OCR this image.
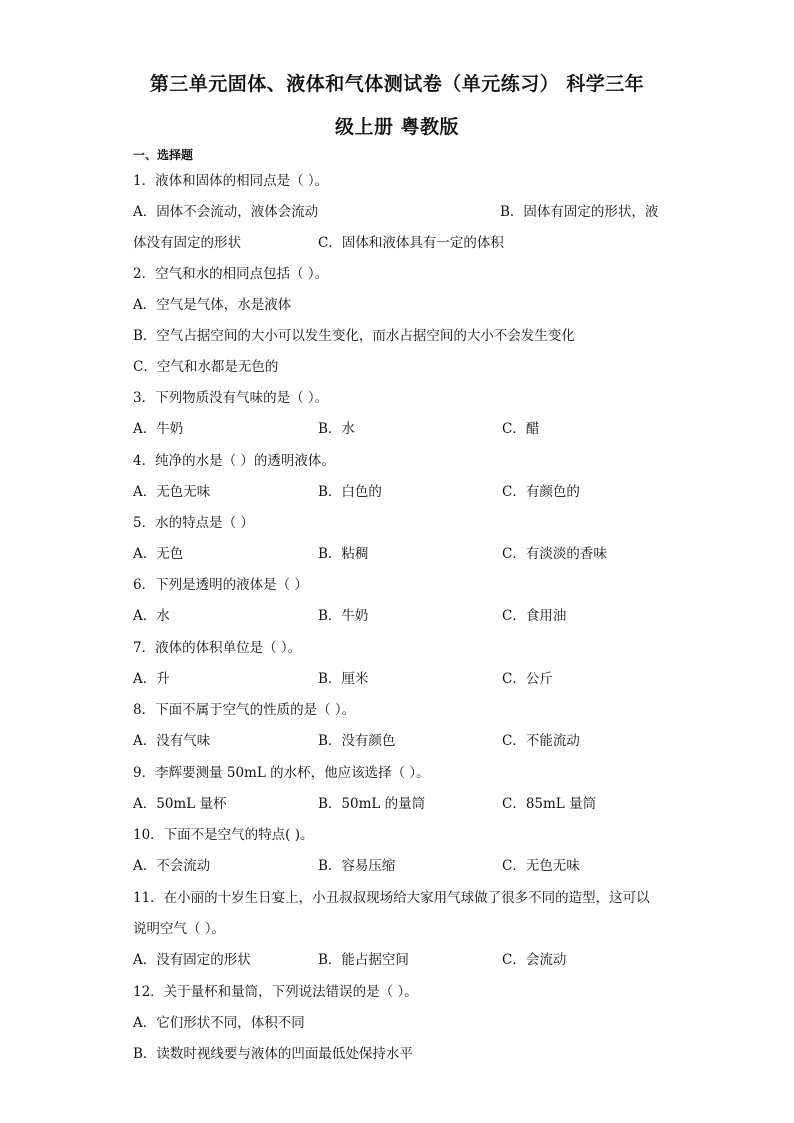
第三单元固体、液体和气体测试卷（单元练习） 科学三年
级上册 粤教版
一、选择题
1．液体和固体的相同点是（ ）。
A．固体不会流动，液体会流动	B．固体有固定的形状，液
体没有固定的形状	C．固体和液体具有一定的体积
2．空气和水的相同点包括（ ）。
A．空气是气体，水是液体
B．空气占据空间的大小可以发生变化，而水占据空间的大小不会发生变化
C．空气和水都是无色的
3．下列物质没有气味的是（ ）。
A．牛奶	B．水	C．醋
4．纯净的水是（ ）的透明液体。
A．无色无味	B．白色的	C．有颜色的
5．水的特点是（ ）
A．无色	B．粘稠	C．有淡淡的香味
6．下列是透明的液体是（ ）
A．水	B．牛奶	C．食用油
7．液体的体积单位是（ ）。
A．升	B．厘米	C．公斤
8．下面不属于空气的性质的是（ ）。
A．没有气味	B．没有颜色	C．不能流动
9．李辉要测量 50mL 的水杯，他应该选择（ ）。
A．50mL 量杯	B．50mL 的量筒	C．85mL 量筒
10．下面不是空气的特点( )。
A．不会流动	B．容易压缩	C．无色无味
11．在小丽的十岁生日宴上，小丑叔叔现场给大家用气球做了很多不同的造型，这可以
说明空气（ ）。
A．没有固定的形状	B．能占据空间	C．会流动
12．关于量杯和量筒，下列说法错误的是（ ）。
A．它们形状不同，体积不同
B．读数时视线要与液体的凹面最低处保持水平
